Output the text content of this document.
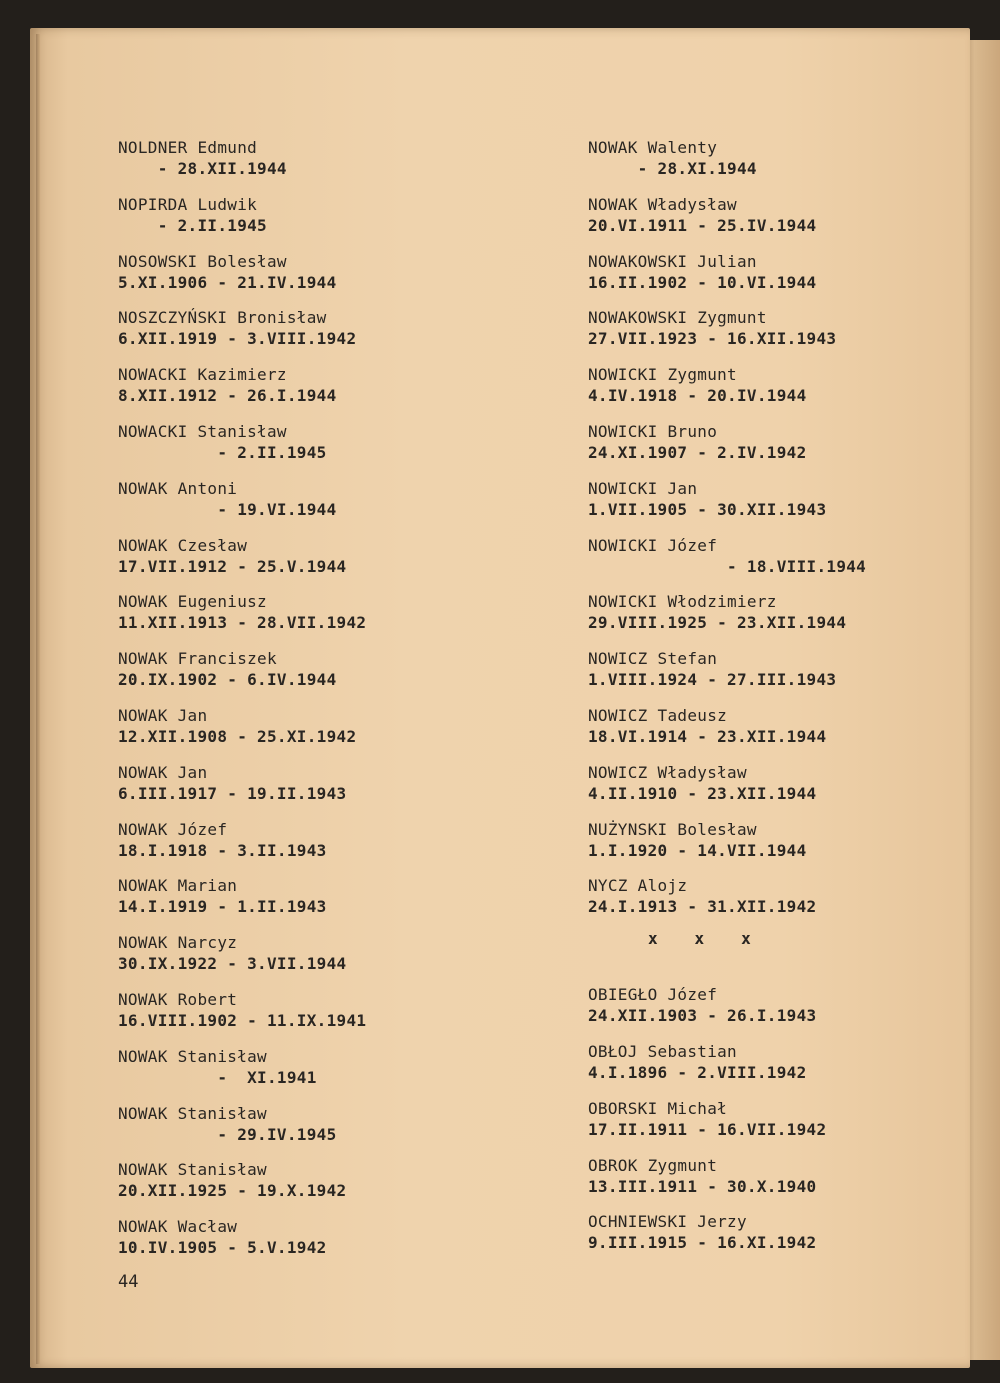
NOLDNER Edmund
- 28.XII.1944
NOPIRDA Ludwik
- 2.II.1945
NOSOWSKI Bolesław
5.XI.1906 - 21.IV.1944
NOSZCZYŃSKI Bronisław
6.XII.1919 - 3.VIII.1942
NOWACKI Kazimierz
8.XII.1912 - 26.I.1944
NOWACKI Stanisław
- 2.II.1945
NOWAK Antoni
- 19.VI.1944
NOWAK Czesław
17.VII.1912 - 25.V.1944
NOWAK Eugeniusz
11.XII.1913 - 28.VII.1942
NOWAK Franciszek
20.IX.1902 - 6.IV.1944
NOWAK Jan
12.XII.1908 - 25.XI.1942
NOWAK Jan
6.III.1917 - 19.II.1943
NOWAK Józef
18.I.1918 - 3.II.1943
NOWAK Marian
14.I.1919 - 1.II.1943
NOWAK Narcyz
30.IX.1922 - 3.VII.1944
NOWAK Robert
16.VIII.1902 - 11.IX.1941
NOWAK Stanisław
-  XI.1941
NOWAK Stanisław
- 29.IV.1945
NOWAK Stanisław
20.XII.1925 - 19.X.1942
NOWAK Wacław
10.IV.1905 - 5.V.1942
NOWAK Walenty
- 28.XI.1944
NOWAK Władysław
20.VI.1911 - 25.IV.1944
NOWAKOWSKI Julian
16.II.1902 - 10.VI.1944
NOWAKOWSKI Zygmunt
27.VII.1923 - 16.XII.1943
NOWICKI Zygmunt
4.IV.1918 - 20.IV.1944
NOWICKI Bruno
24.XI.1907 - 2.IV.1942
NOWICKI Jan
1.VII.1905 - 30.XII.1943
NOWICKI Józef
- 18.VIII.1944
NOWICKI Włodzimierz
29.VIII.1925 - 23.XII.1944
NOWICZ Stefan
1.VIII.1924 - 27.III.1943
NOWICZ Tadeusz
18.VI.1914 - 23.XII.1944
NOWICZ Władysław
4.II.1910 - 23.XII.1944
NUŻYNSKI Bolesław
1.I.1920 - 14.VII.1944
NYCZ Alojz
24.I.1913 - 31.XII.1942
x   x   x
OBIEGŁO Józef
24.XII.1903 - 26.I.1943
OBŁOJ Sebastian
4.I.1896 - 2.VIII.1942
OBORSKI Michał
17.II.1911 - 16.VII.1942
OBROK Zygmunt
13.III.1911 - 30.X.1940
OCHNIEWSKI Jerzy
9.III.1915 - 16.XI.1942
44
